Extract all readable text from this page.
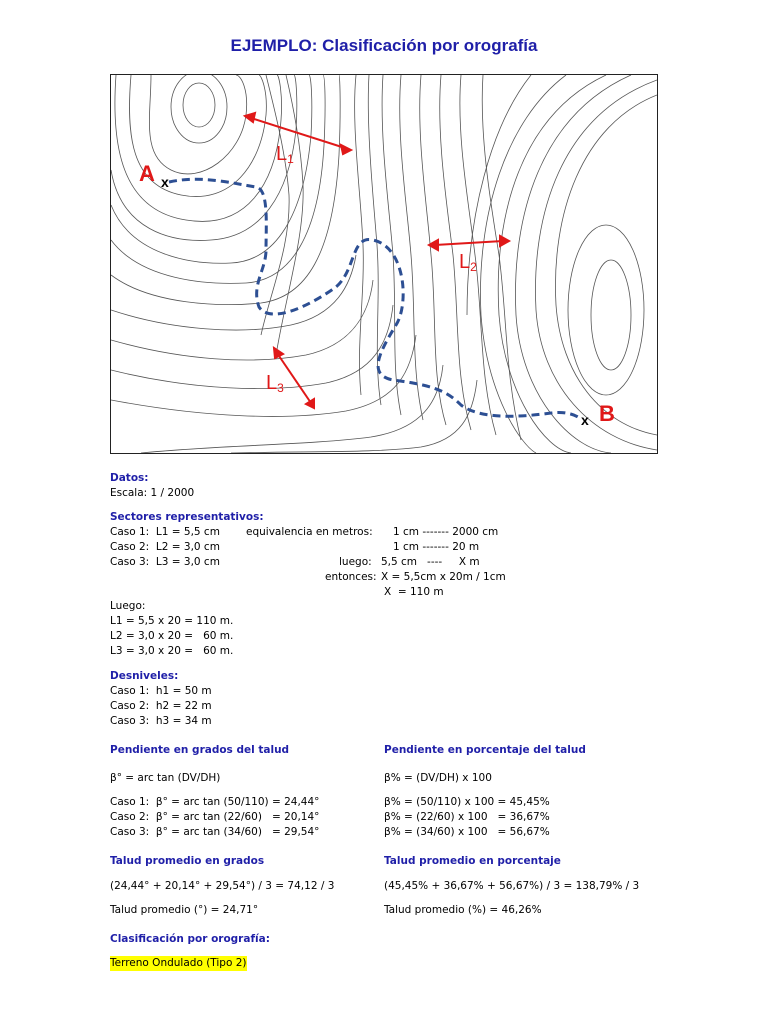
EJEMPLO: Clasificación por orografía
A x
B
x
L1
L2
L3
Datos:
Escala: 1 / 2000
Sectores representativos:
Caso 1:  L1 = 5,5 cm
Caso 2:  L2 = 3,0 cm
Caso 3:  L3 = 3,0 cm
equivalencia en metros: 1 cm ------- 2000 cm
1 cm ------- 20 m
luego: 5,5 cm   ----     X m
entonces: X = 5,5cm x 20m / 1cm
X  = 110 m
Luego:
L1 = 5,5 x 20 = 110 m.
L2 = 3,0 x 20 =   60 m.
L3 = 3,0 x 20 =   60 m.
Desniveles:
Caso 1:  h1 = 50 m
Caso 2:  h2 = 22 m
Caso 3:  h3 = 34 m
Pendiente en grados del talud
β° = arc tan (DV/DH)
Caso 1:  β° = arc tan (50/110) = 24,44°
Caso 2:  β° = arc tan (22/60)   = 20,14°
Caso 3:  β° = arc tan (34/60)   = 29,54°
Pendiente en porcentaje del talud
β% = (DV/DH) x 100
β% = (50/110) x 100 = 45,45%
β% = (22/60) x 100   = 36,67%
β% = (34/60) x 100   = 56,67%
Talud promedio en grados
(24,44° + 20,14° + 29,54°) / 3 = 74,12 / 3
Talud promedio (°) = 24,71°
Talud promedio en porcentaje
(45,45% + 36,67% + 56,67%) / 3 = 138,79% / 3
Talud promedio (%) = 46,26%
Clasificación por orografía:
Terreno Ondulado (Tipo 2)
